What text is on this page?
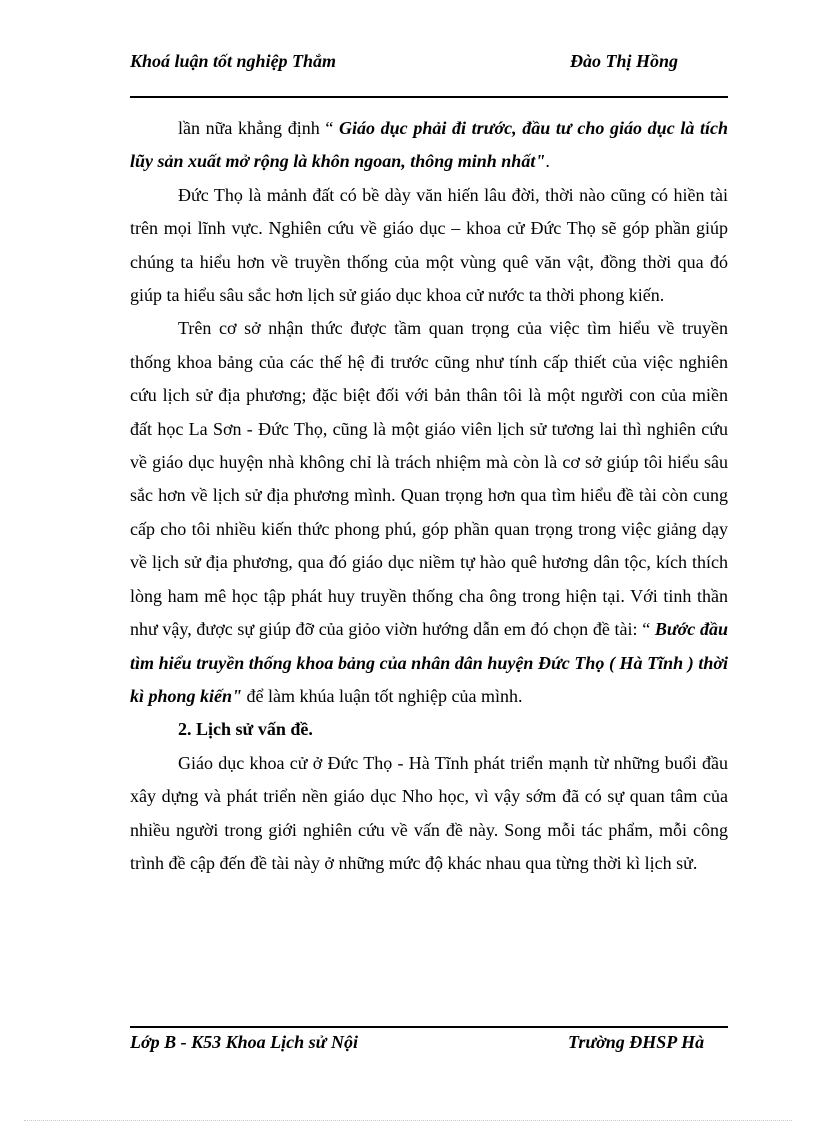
Khoá luận tốt nghiệp Thắm	Đào Thị Hồng

lần nữa khẳng định “ Giáo dục phải đi trước, đầu tư cho giáo dục là tích lũy sản xuất mở rộng là khôn ngoan, thông minh nhất".

Đức Thọ là mảnh đất có bề dày văn hiến lâu đời, thời nào cũng có hiền tài trên mọi lĩnh vực. Nghiên cứu về giáo dục – khoa cử Đức Thọ sẽ góp phần giúp chúng ta hiểu hơn về truyền thống của một vùng quê văn vật, đồng thời qua đó giúp ta hiểu sâu sắc hơn lịch sử giáo dục khoa cử nước ta thời phong kiến.

Trên cơ sở nhận thức được tầm quan trọng của việc tìm hiểu về truyền thống khoa bảng của các thế hệ đi trước cũng như tính cấp thiết của việc nghiên cứu lịch sử địa phương; đặc biệt đối với bản thân tôi là một người con của miền đất học La Sơn - Đức Thọ, cũng là một giáo viên lịch sử tương lai thì nghiên cứu về giáo dục huyện nhà không chỉ là trách nhiệm mà còn là cơ sở giúp tôi hiểu sâu sắc hơn về lịch sử địa phương mình. Quan trọng hơn qua tìm hiểu đề tài còn cung cấp cho tôi nhiều kiến thức phong phú, góp phần quan trọng trong việc giảng dạy về lịch sử địa phương, qua đó giáo dục niềm tự hào quê hương dân tộc, kích thích lòng ham mê học tập phát huy truyền thống cha ông trong hiện tại. Với tinh thần như vậy, được sự giúp đỡ của giỏo viờn hướng dẫn em đó chọn đề tài: “ Bước đầu tìm hiểu truyền thống khoa bảng của nhân dân huyện Đức Thọ ( Hà Tĩnh ) thời kì phong kiến" để làm khúa luận tốt nghiệp của mình.

2. Lịch sử vấn đề.

Giáo dục khoa cử ở Đức Thọ - Hà Tĩnh phát triển mạnh từ những buổi đầu xây dựng và phát triển nền giáo dục Nho học, vì vậy sớm đã có sự quan tâm của nhiều người trong giới nghiên cứu về vấn đề này. Song mỗi tác phẩm, mỗi công trình đề cập đến đề tài này ở những mức độ khác nhau qua từng thời kì lịch sử.

Lớp B - K53 Khoa Lịch sử Nội	Trường ĐHSP Hà
